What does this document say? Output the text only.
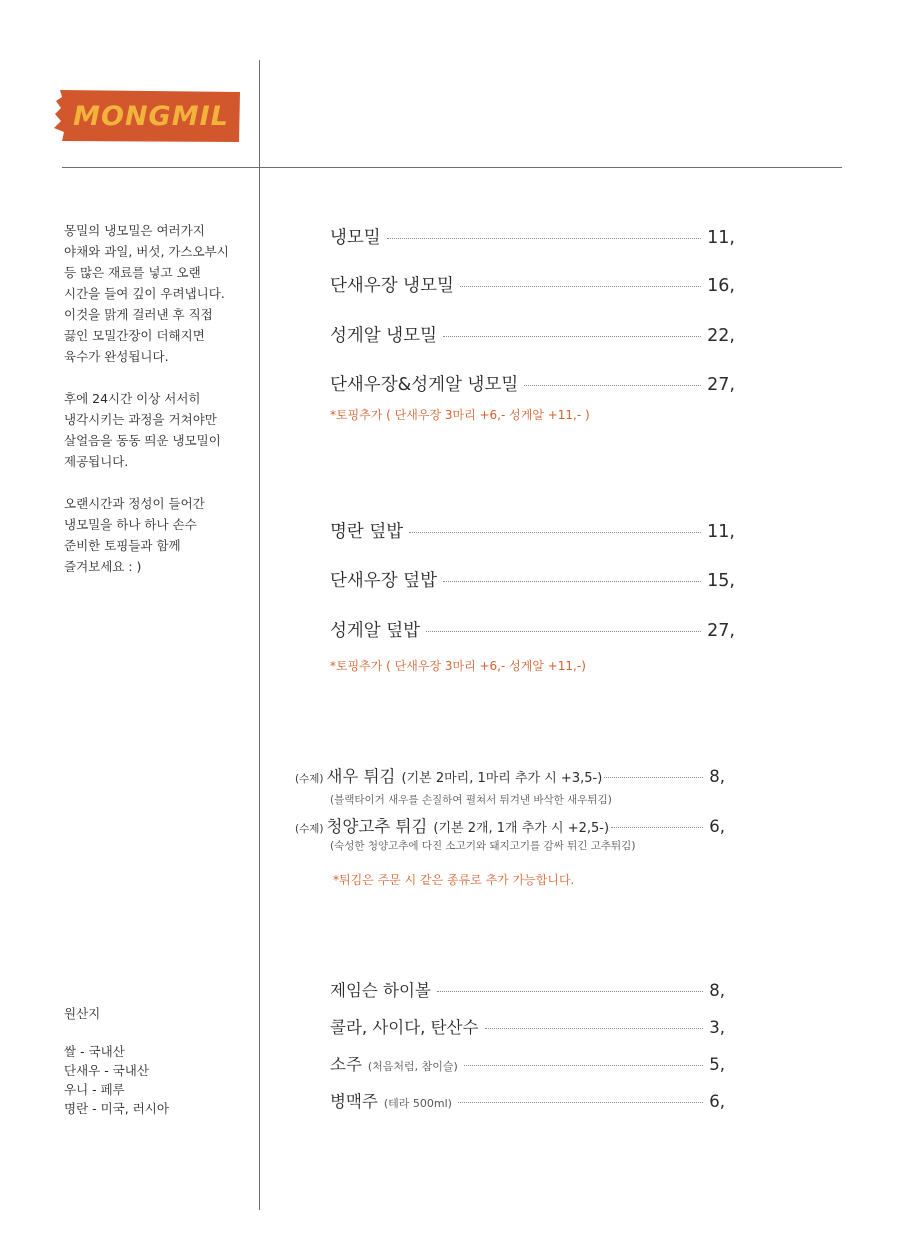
MONGMIL

몽밀의 냉모밀은 여러가지
야채와 과일, 버섯, 가스오부시
등 많은 재료를 넣고 오랜
시간을 들여 깊이 우려냅니다.
이것을 맑게 걸러낸 후 직접
끓인 모밀간장이 더해지면
육수가 완성됩니다.

후에 24시간 이상 서서히
냉각시키는 과정을 거쳐야만
살얼음을 동동 띄운 냉모밀이
제공됩니다.

오랜시간과 정성이 들어간
냉모밀을 하나 하나 손수
준비한 토핑들과 함께
즐겨보세요 : )

원산지
쌀 - 국내산
단새우 - 국내산
우니 - 페루
명란 - 미국, 러시아
냉모밀	11,
단새우장 냉모밀	16,
성게알 냉모밀	22,
단새우장&성게알 냉모밀	27,
*토핑추가 ( 단새우장 3마리 +6,- 성게알 +11,- )
명란 덮밥	11,
단새우장 덮밥	15,
성게알 덮밥	27,
*토핑추가 ( 단새우장 3마리 +6,- 성게알 +11,-)
(수제) 새우 튀김 (기본 2마리, 1마리 추가 시 +3,5-)	8,
(블랙타이거 새우를 손질하여 펼쳐서 튀겨낸 바삭한 새우튀김)
(수제) 청양고추 튀김 (기본 2개, 1개 추가 시 +2,5-)	6,
(숙성한 청양고추에 다진 소고기와 돼지고기를 감싸 튀긴 고추튀김)
*튀김은 주문 시 같은 종류로 추가 가능합니다.
제임슨 하이볼	8,
콜라, 사이다, 탄산수	3,
소주 (처음처럼, 참이슬)	5,
병맥주 (테라 500ml)	6,
